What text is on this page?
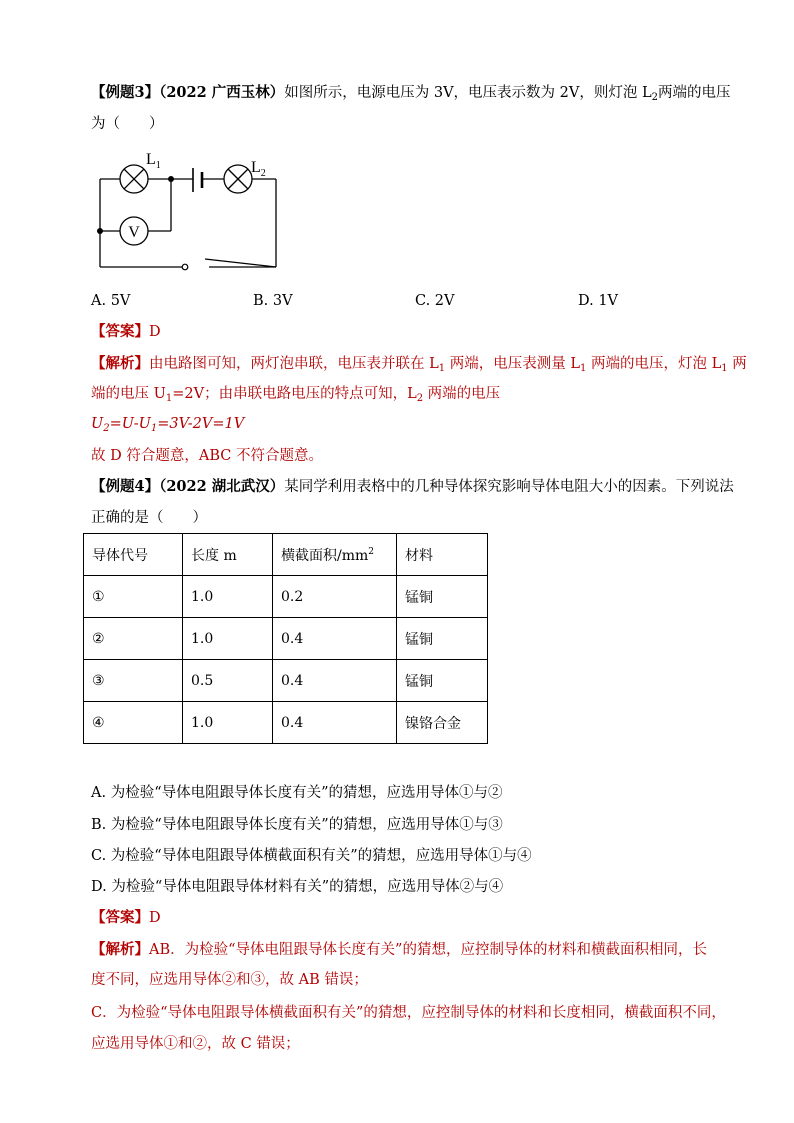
【例题3】（2022 广西玉林）如图所示，电源电压为 3V，电压表示数为 2V，则灯泡 $L_2$两端的电压
为（　　）
V
$L_1$	$L_2$
A. 5V	B. 3V	C. 2V	D. 1V
【答案】D
【解析】由电路图可知，两灯泡串联，电压表并联在 $L_1$ 两端，电压表测量 $L_1$ 两端的电压，灯泡 $L_1$ 两
端的电压 $U_1=2V$；由串联电路电压的特点可知，$L_2$ 两端的电压
$U_2=U-U_1=3V-2V=1V$
故 D 符合题意，ABC 不符合题意。
【例题4】（2022 湖北武汉）某同学利用表格中的几种导体探究影响导体电阻大小的因素。下列说法
正确的是（　　）
导体代号	长度 m	横截面积$/mm^2$	材料
①	1.0	0.2	锰铜
②	1.0	0.4	锰铜
③	0.5	0.4	锰铜
④	1.0	0.4	镍铬合金
A. 为检验“导体电阻跟导体长度有关”的猜想，应选用导体①与②
B. 为检验“导体电阻跟导体长度有关”的猜想，应选用导体①与③
C. 为检验“导体电阻跟导体横截面积有关”的猜想，应选用导体①与④
D. 为检验“导体电阻跟导体材料有关”的猜想，应选用导体②与④
【答案】D
【解析】AB．为检验“导体电阻跟导体长度有关”的猜想，应控制导体的材料和横截面积相同，长
度不同，应选用导体②和③，故 AB 错误；
C．为检验“导体电阻跟导体横截面积有关”的猜想，应控制导体的材料和长度相同，横截面积不同，
应选用导体①和②，故 C 错误；
